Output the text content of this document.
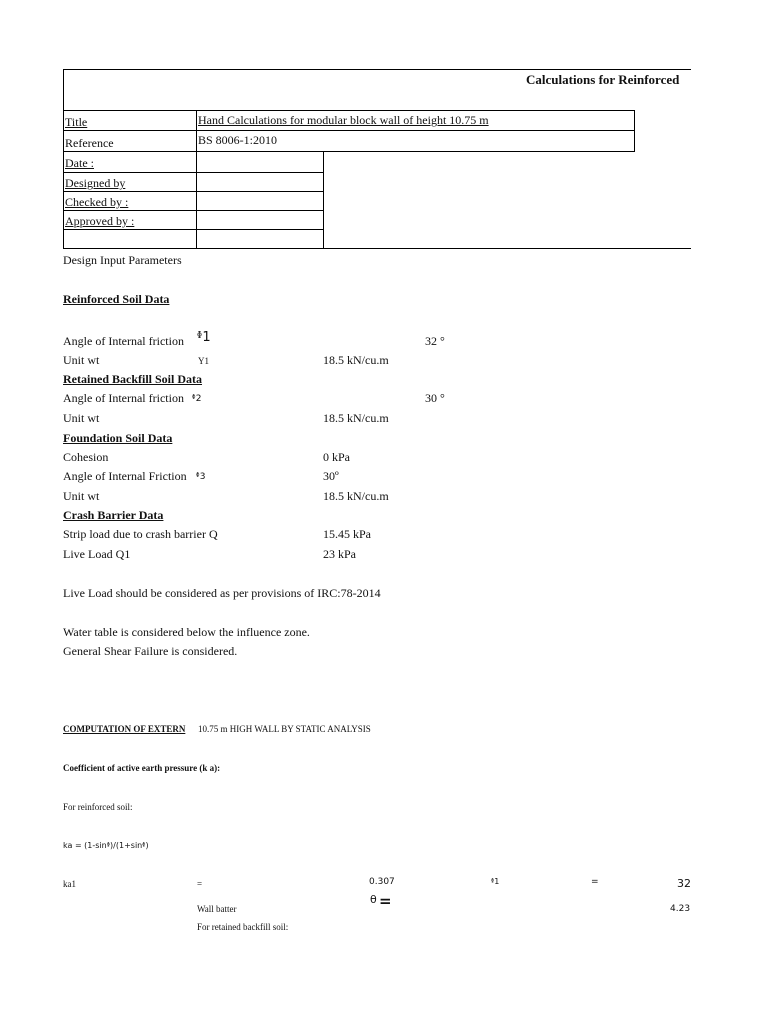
Calculations for Reinforced
Title	Hand Calculations for modular block wall of height 10.75 m
Reference	BS 8006-1:2010
Date :
Designed by
Checked by :
Approved by :
Design Input Parameters
Reinforced Soil Data
Angle of Internal friction ᶲ1	32 °
Unit wt	Y1	18.5 kN/cu.m
Retained Backfill Soil Data
Angle of Internal friction ᶲ2	30 °
Unit wt	18.5 kN/cu.m
Foundation Soil Data
Cohesion	0 kPa
Angle of Internal Friction ᶲ3	30º
Unit wt	18.5 kN/cu.m
Crash Barrier Data
Strip load due to crash barrier Q	15.45 kPa
Live Load Q1	23 kPa
Live Load should be considered as per provisions of IRC:78-2014
Water table is considered below the influence zone.
General Shear Failure is considered.
COMPUTATION OF EXTERN	10.75 m HIGH WALL BY STATIC ANALYSIS
Coefficient of active earth pressure (k a):
For reinforced soil:
ka = (1-sinᶲ)/(1+sinᶲ)
ka1	=	0.307	ᶲ1	=	32
θ =
Wall batter	4.23
For retained backfill soil:
